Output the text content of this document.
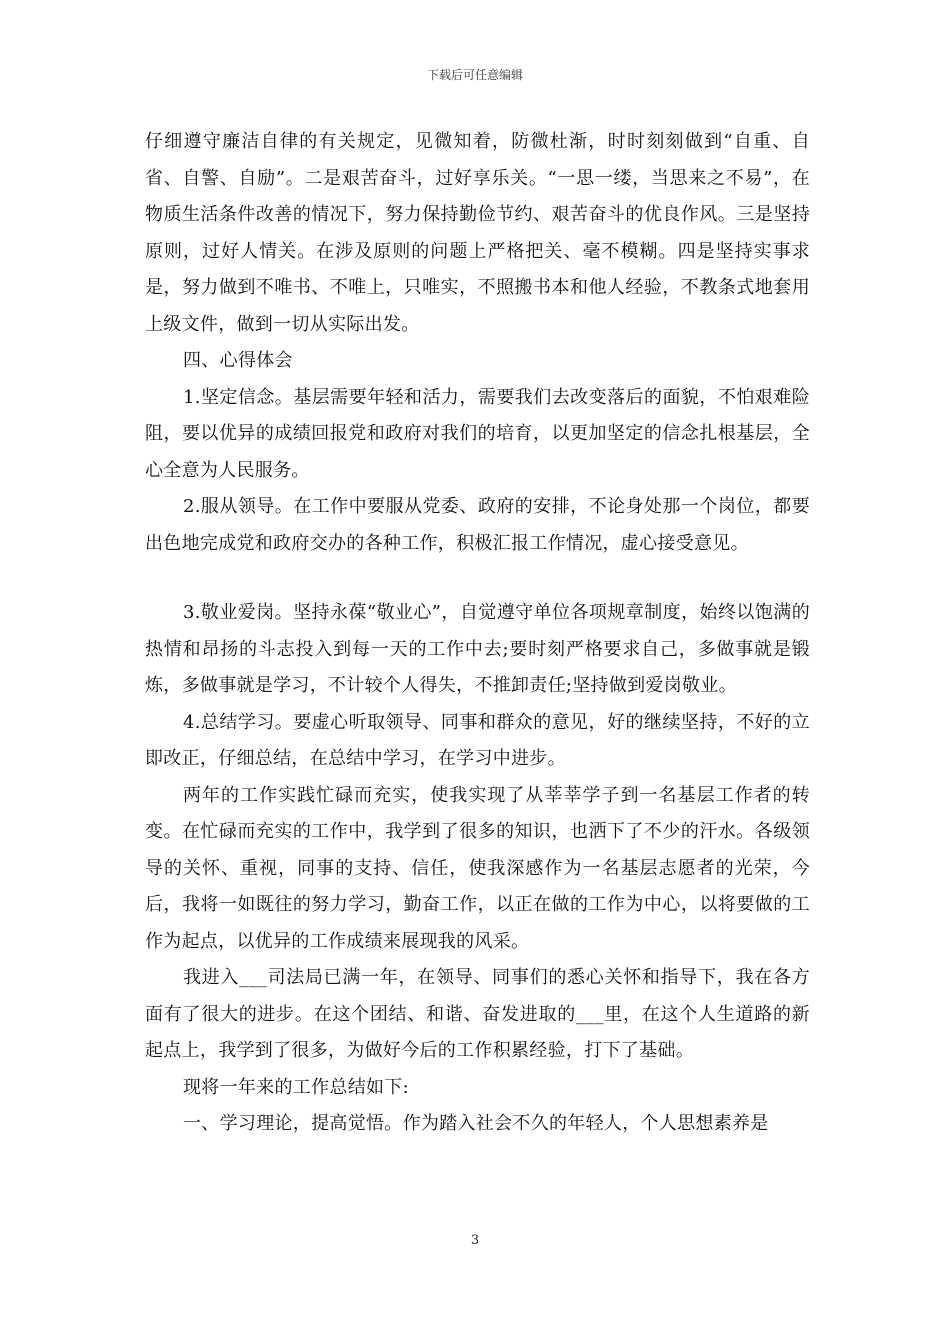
下载后可任意编辑

仔细遵守廉洁自律的有关规定，见微知着，防微杜渐，时时刻刻做到“自重、自省、自警、自励”。二是艰苦奋斗，过好享乐关。“一思一缕，当思来之不易”，在物质生活条件改善的情况下，努力保持勤俭节约、艰苦奋斗的优良作风。三是坚持原则，过好人情关。在涉及原则的问题上严格把关、毫不模糊。四是坚持实事求是，努力做到不唯书、不唯上，只唯实，不照搬书本和他人经验，不教条式地套用上级文件，做到一切从实际出发。

四、心得体会

1.坚定信念。基层需要年轻和活力，需要我们去改变落后的面貌，不怕艰难险阻，要以优异的成绩回报党和政府对我们的培育，以更加坚定的信念扎根基层，全心全意为人民服务。

2.服从领导。在工作中要服从党委、政府的安排，不论身处那一个岗位，都要出色地完成党和政府交办的各种工作，积极汇报工作情况，虚心接受意见。

3.敬业爱岗。坚持永葆“敬业心”，自觉遵守单位各项规章制度，始终以饱满的热情和昂扬的斗志投入到每一天的工作中去;要时刻严格要求自己，多做事就是锻炼，多做事就是学习，不计较个人得失，不推卸责任;坚持做到爱岗敬业。

4.总结学习。要虚心听取领导、同事和群众的意见，好的继续坚持，不好的立即改正，仔细总结，在总结中学习，在学习中进步。

两年的工作实践忙碌而充实，使我实现了从莘莘学子到一名基层工作者的转变。在忙碌而充实的工作中，我学到了很多的知识，也洒下了不少的汗水。各级领导的关怀、重视，同事的支持、信任，使我深感作为一名基层志愿者的光荣，今后，我将一如既往的努力学习，勤奋工作，以正在做的工作为中心，以将要做的工作为起点，以优异的工作成绩来展现我的风采。

我进入___司法局已满一年，在领导、同事们的悉心关怀和指导下，我在各方面有了很大的进步。在这个团结、和谐、奋发进取的___里，在这个人生道路的新起点上，我学到了很多，为做好今后的工作积累经验，打下了基础。

现将一年来的工作总结如下:

一、学习理论，提高觉悟。作为踏入社会不久的年轻人，个人思想素养是

3
